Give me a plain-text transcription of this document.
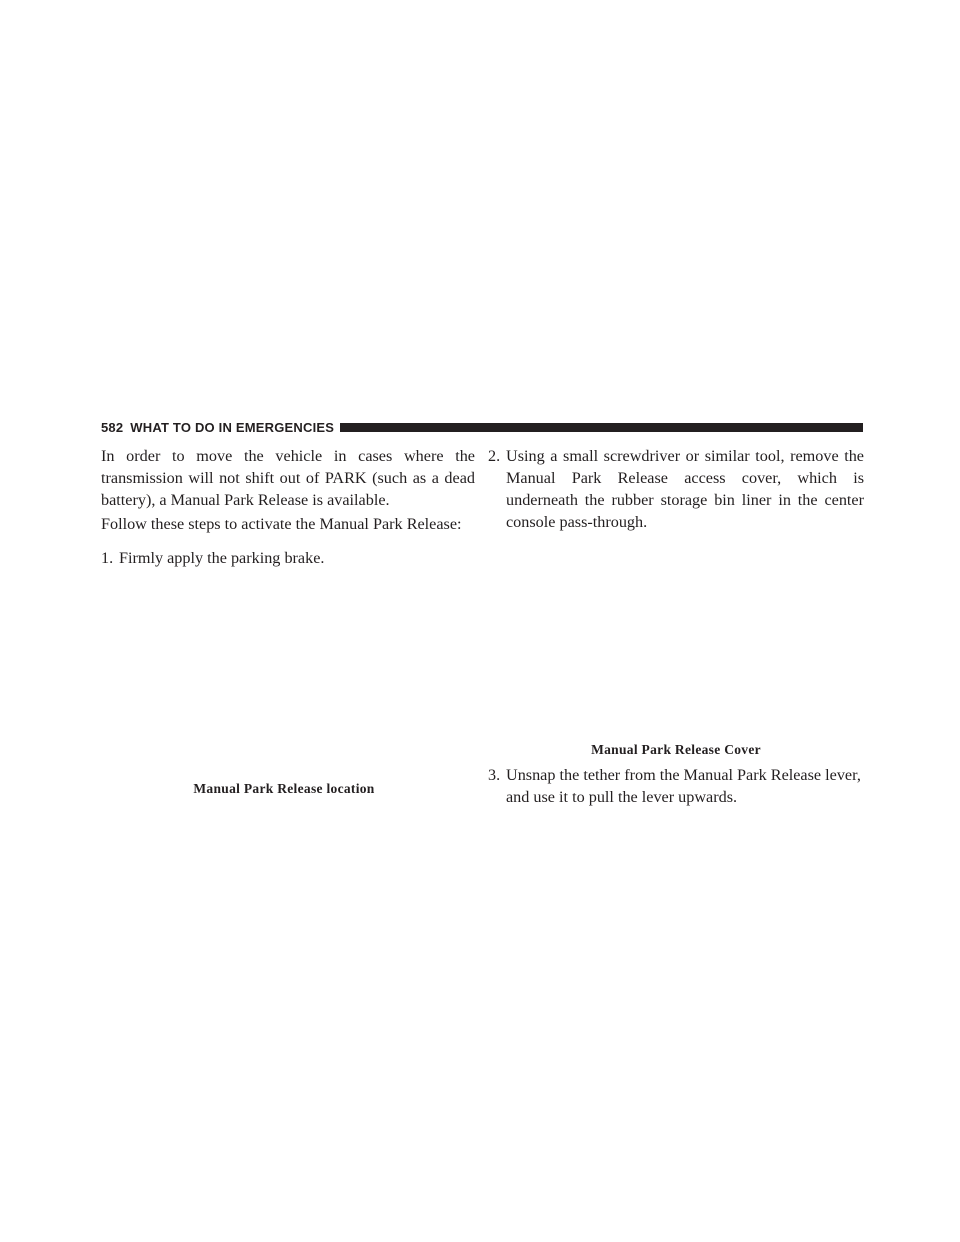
582 WHAT TO DO IN EMERGENCIES

In order to move the vehicle in cases where the transmission will not shift out of PARK (such as a dead battery), a Manual Park Release is available.

Follow these steps to activate the Manual Park Release:

1. Firmly apply the parking brake.
Manual Park Release location
2. Using a small screwdriver or similar tool, remove the Manual Park Release access cover, which is underneath the rubber storage bin liner in the center console pass-through.
Manual Park Release Cover
3. Unsnap the tether from the Manual Park Release lever, and use it to pull the lever upwards.
